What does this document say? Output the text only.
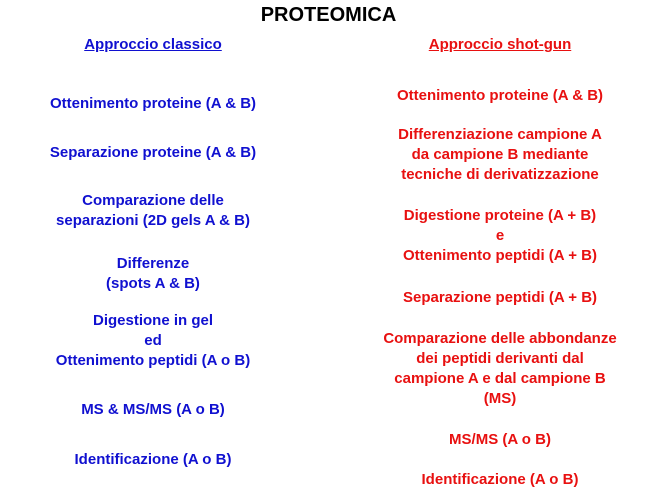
PROTEOMICA
Approccio classico
Ottenimento proteine (A & B)
Separazione proteine (A & B)
Comparazione delle
separazioni (2D gels A & B)
Differenze
(spots A & B)
Digestione in gel
ed
Ottenimento peptidi (A o B)
MS & MS/MS (A o B)
Identificazione (A o B)
Approccio shot-gun
Ottenimento proteine (A & B)
Differenziazione campione A
da campione B mediante
tecniche di derivatizzazione
Digestione proteine (A + B)
e
Ottenimento peptidi (A + B)
Separazione peptidi (A + B)
Comparazione delle abbondanze
dei peptidi derivanti dal
campione A e dal campione B
(MS)
MS/MS (A o B)
Identificazione (A o B)
